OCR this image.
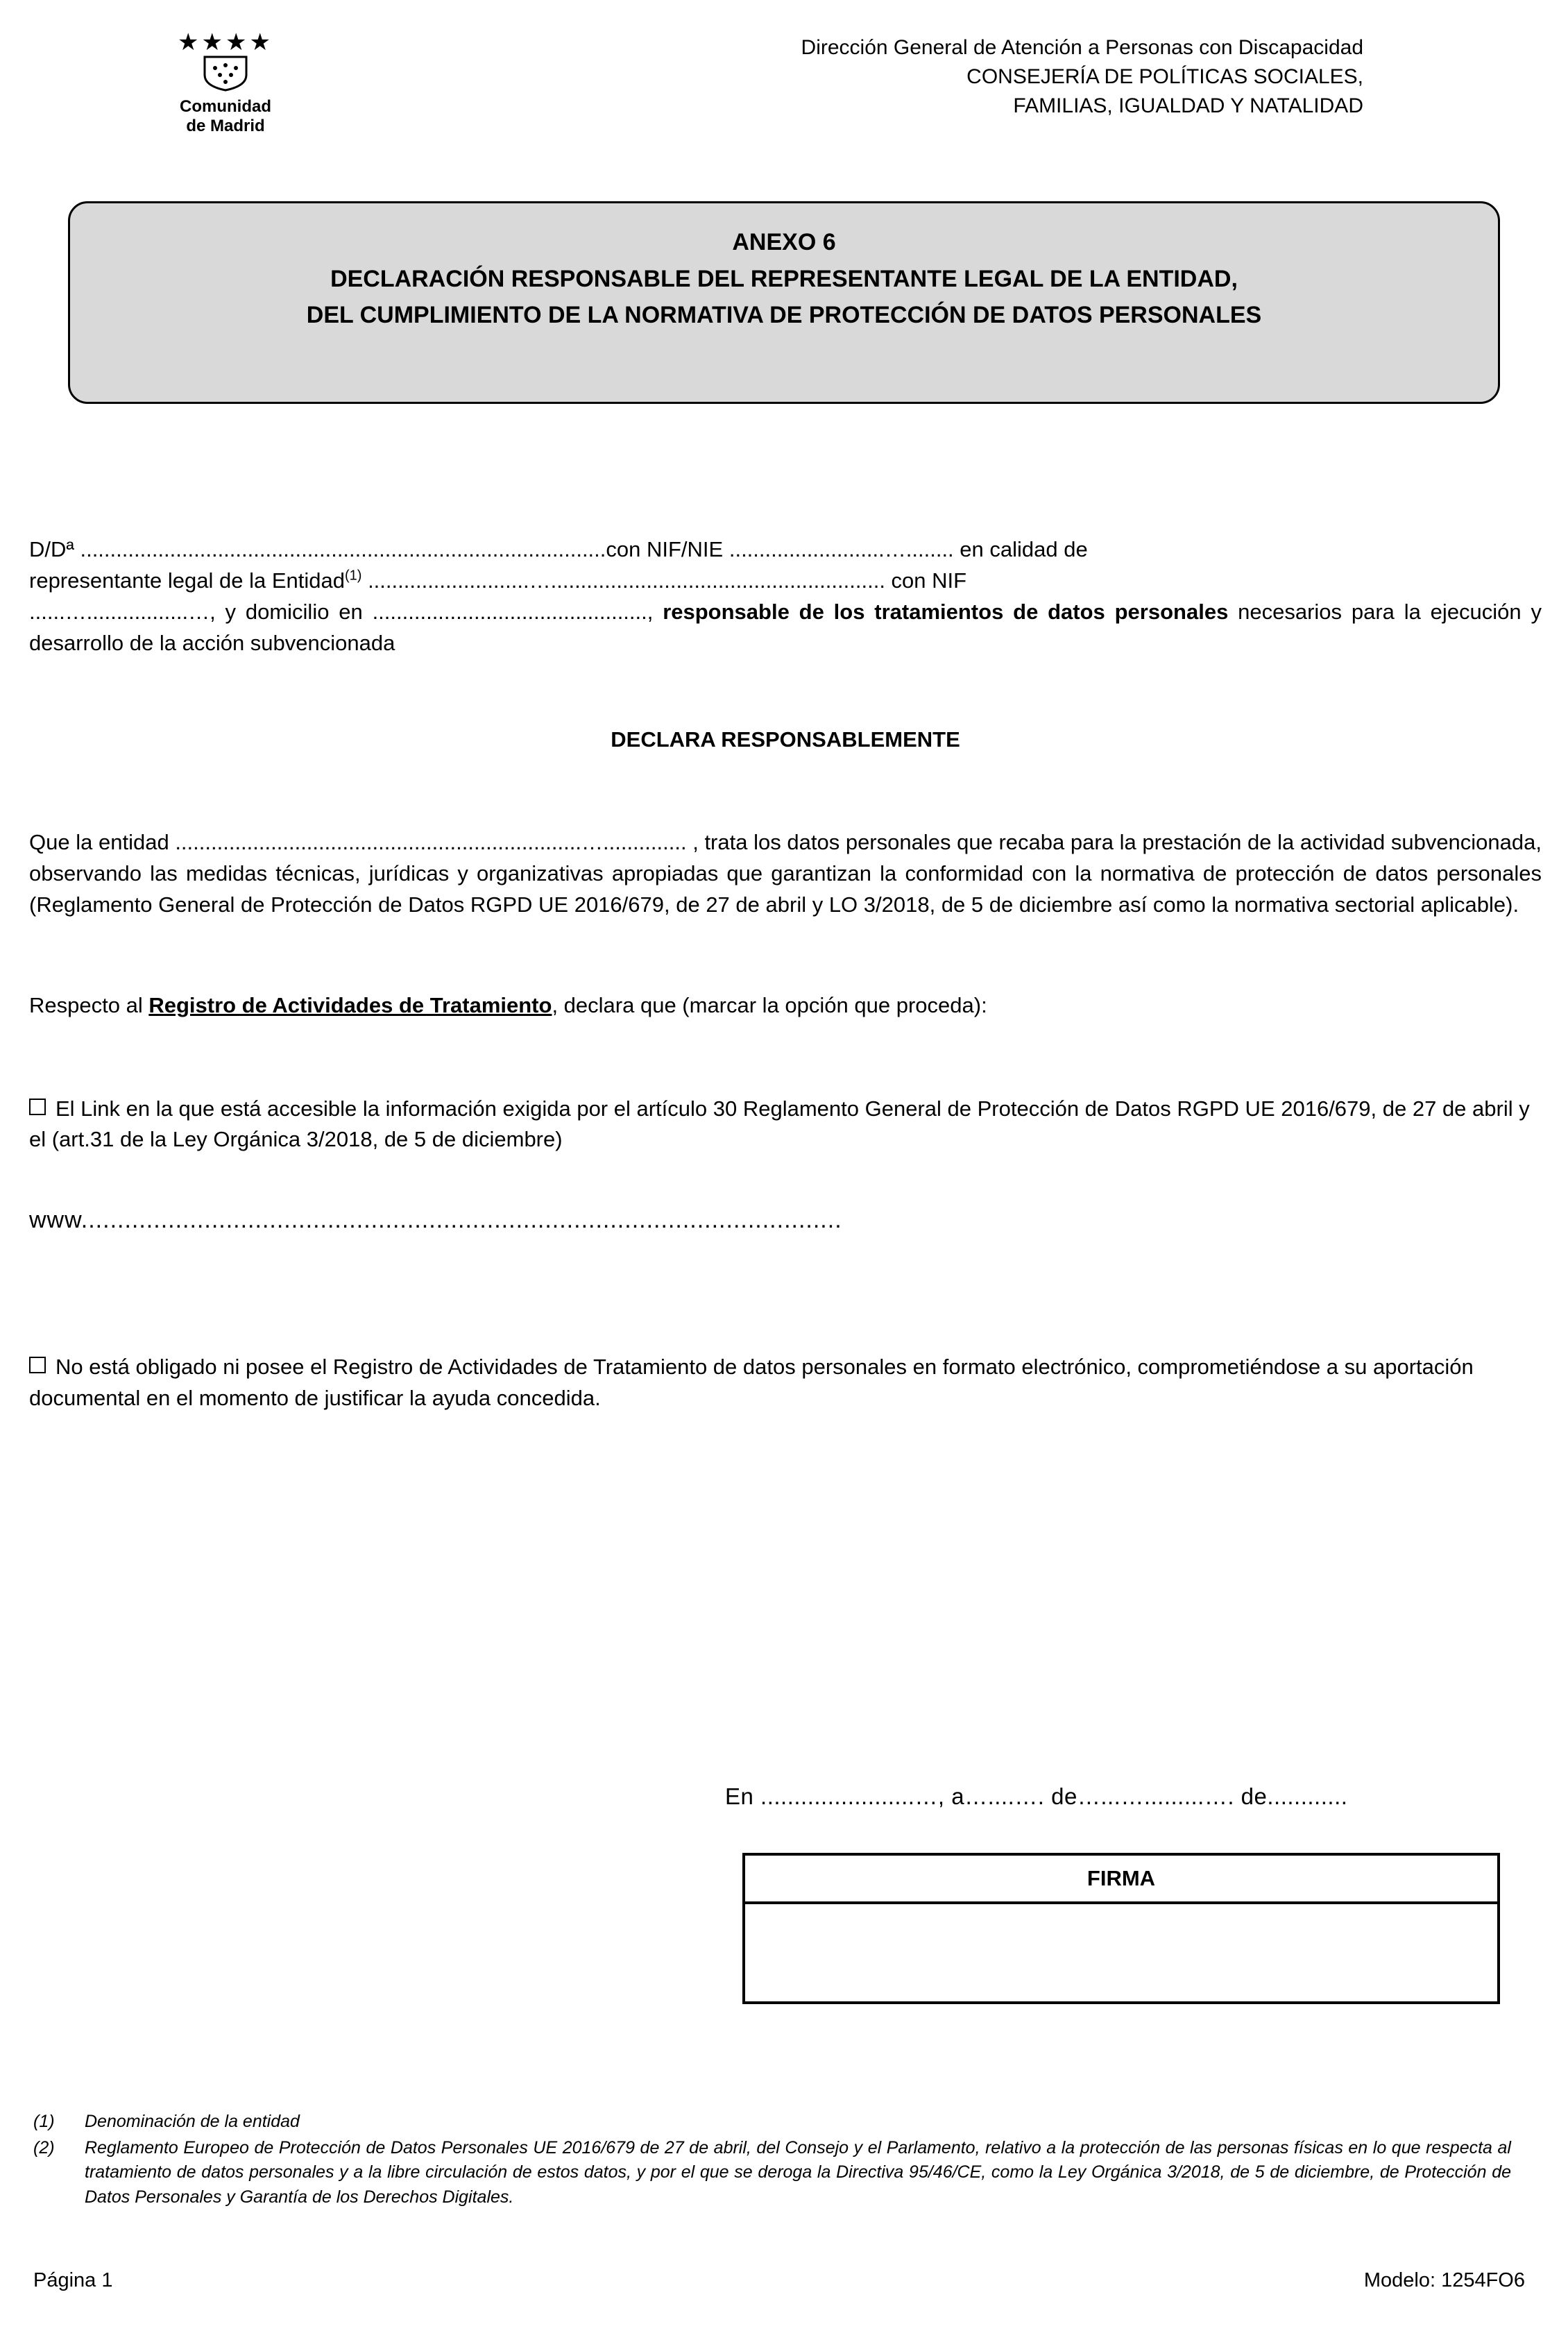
★★★★
Comunidad
de Madrid
Dirección General de Atención a Personas con Discapacidad
CONSEJERÍA DE POLÍTICAS SOCIALES,
FAMILIAS, IGUALDAD Y NATALIDAD
ANEXO 6
DECLARACIÓN RESPONSABLE DEL REPRESENTANTE LEGAL DE LA ENTIDAD,
DEL CUMPLIMIENTO DE LA NORMATIVA DE PROTECCIÓN DE DATOS PERSONALES

D/Dª ........................................................................................con NIF/NIE ..........................…........ en calidad de
representante legal de la Entidad$^{(1)}$ ...........................…........................................................ con NIF
......….................…, y domicilio en .............................................., responsable de los tratamientos de datos personales necesarios para la ejecución y desarrollo de la acción subvencionada

DECLARA RESPONSABLEMENTE

Que la entidad ....................................................................….............. , trata los datos personales que recaba para la prestación de la actividad subvencionada, observando las medidas técnicas, jurídicas y organizativas apropiadas que garantizan la conformidad con la normativa de protección de datos personales (Reglamento General de Protección de Datos RGPD UE 2016/679, de 27 de abril y LO 3/2018, de 5 de diciembre así como la normativa sectorial aplicable).

Respecto al Registro de Actividades de Tratamiento, declara que (marcar la opción que proceda):

El Link en la que está accesible la información exigida por el artículo 30 Reglamento General de Protección de Datos RGPD UE 2016/679, de 27 de abril y el (art.31 de la Ley Orgánica 3/2018, de 5 de diciembre)

www.........................................................................................................

No está obligado ni posee el Registro de Actividades de Tratamiento de datos personales en formato electrónico, comprometiéndose a su aportación documental en el momento de justificar la ayuda concedida.

En .......................…, a…....…. de…...….........…. de............
FIRMA
(1)	Denominación de la entidad
(2)	Reglamento Europeo de Protección de Datos Personales UE 2016/679 de 27 de abril, del Consejo y el Parlamento, relativo a la protección de las personas físicas en lo que respecta al tratamiento de datos personales y a la libre circulación de estos datos, y por el que se deroga la Directiva 95/46/CE, como la Ley Orgánica 3/2018, de 5 de diciembre, de Protección de Datos Personales y Garantía de los Derechos Digitales.
Página 1	Modelo: 1254FO6
